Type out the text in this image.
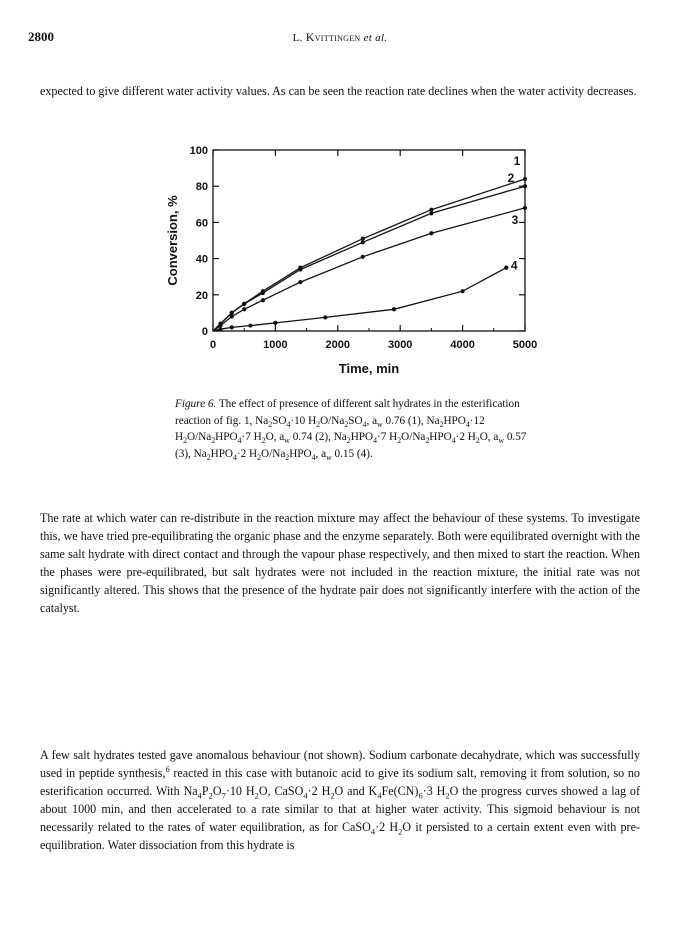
2800	L. Kvittingen et al.

expected to give different water activity values. As can be seen the reaction rate declines when the water activity decreases.

0	1000	2000	3000	4000	5000
0
20
40
60
80
100
Time, min
Conversion, %
1
2
3
4

Figure 6. The effect of presence of different salt hydrates in the esterification reaction of fig. 1, $Na_2SO_4\cdot 10$ $H_2O/Na_2SO_4$, $a_w$ 0.76 (1), $Na_2HPO_4\cdot 12$ $H_2O/Na_2HPO_4\cdot 7$ $H_2O$, $a_w$ 0.74 (2), $Na_2HPO_4\cdot 7$ $H_2O/Na_2HPO_4\cdot 2$ $H_2O$, $a_w$ 0.57 (3), $Na_2HPO_4\cdot 2$ $H_2O/Na_2HPO_4$, $a_w$ 0.15 (4).

The rate at which water can re-distribute in the reaction mixture may affect the behaviour of these systems. To investigate this, we have tried pre-equilibrating the organic phase and the enzyme separately. Both were equilibrated overnight with the same salt hydrate with direct contact and through the vapour phase respectively, and then mixed to start the reaction. When the phases were pre-equilibrated, but salt hydrates were not included in the reaction mixture, the initial rate was not significantly altered. This shows that the presence of the hydrate pair does not significantly interfere with the action of the catalyst.

A few salt hydrates tested gave anomalous behaviour (not shown). Sodium carbonate decahydrate, which was successfully used in peptide synthesis,$^6$ reacted in this case with butanoic acid to give its sodium salt, removing it from solution, so no esterification occurred. With $Na_4P_2O_7\cdot 10$ $H_2O$, CaSO$_4$·2 $H_2O$ and $K_4Fe(CN)_6\cdot 3$ $H_2O$ the progress curves showed a lag of about 1000 min, and then accelerated to a rate similar to that at higher water activity. This sigmoid behaviour is not necessarily related to the rates of water equilibration, as for CaSO$_4$·2 $H_2O$ it persisted to a certain extent even with pre-equilibration. Water dissociation from this hydrate is
